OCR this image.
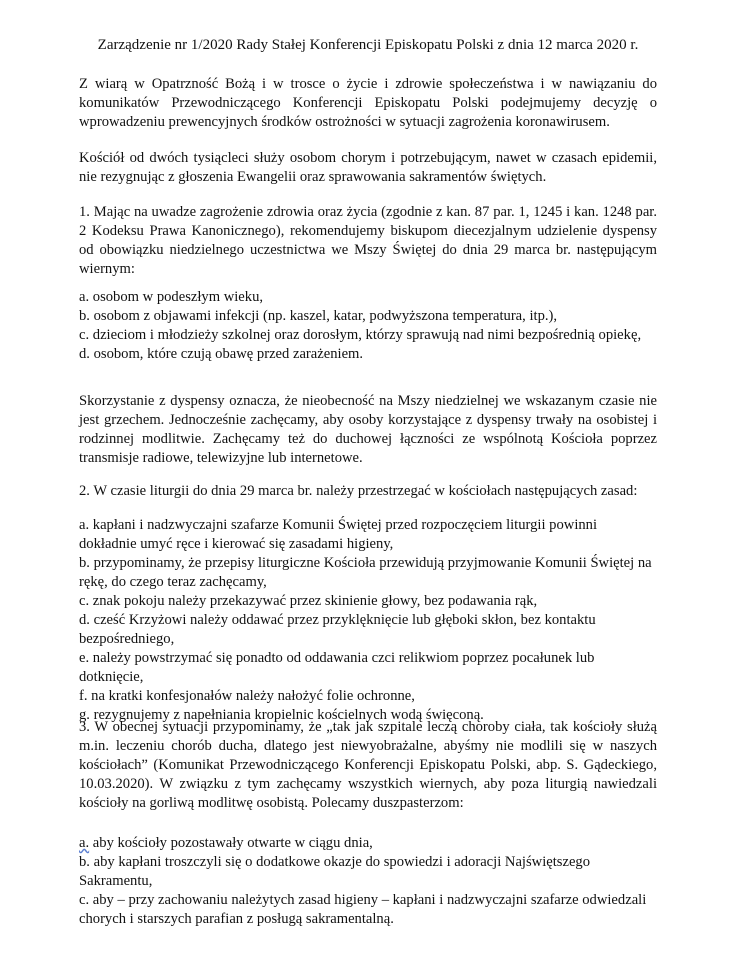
Zarządzenie nr 1/2020 Rady Stałej Konferencji Episkopatu Polski z dnia 12 marca 2020 r.
Z wiarą w Opatrzność Bożą i w trosce o życie i zdrowie społeczeństwa i w nawiązaniu do komunikatów Przewodniczącego Konferencji Episkopatu Polski podejmujemy decyzję o wprowadzeniu prewencyjnych środków ostrożności w sytuacji zagrożenia koronawirusem.
Kościół od dwóch tysiącleci służy osobom chorym i potrzebującym, nawet w czasach epidemii, nie rezygnując z głoszenia Ewangelii oraz sprawowania sakramentów świętych.
1. Mając na uwadze zagrożenie zdrowia oraz życia (zgodnie z kan. 87 par. 1, 1245 i kan. 1248 par. 2 Kodeksu Prawa Kanonicznego), rekomendujemy biskupom diecezjalnym udzielenie dyspensy od obowiązku niedzielnego uczestnictwa we Mszy Świętej do dnia 29 marca br. następującym wiernym:
a. osobom w podeszłym wieku,
b. osobom z objawami infekcji (np. kaszel, katar, podwyższona temperatura, itp.),
c. dzieciom i młodzieży szkolnej oraz dorosłym, którzy sprawują nad nimi bezpośrednią opiekę,
d. osobom, które czują obawę przed zarażeniem.
Skorzystanie z dyspensy oznacza, że nieobecność na Mszy niedzielnej we wskazanym czasie nie jest grzechem. Jednocześnie zachęcamy, aby osoby korzystające z dyspensy trwały na osobistej i rodzinnej modlitwie. Zachęcamy też do duchowej łączności ze wspólnotą Kościoła poprzez transmisje radiowe, telewizyjne lub internetowe.
2. W czasie liturgii do dnia 29 marca br. należy przestrzegać w kościołach następujących zasad:
a. kapłani i nadzwyczajni szafarze Komunii Świętej przed rozpoczęciem liturgii powinni dokładnie umyć ręce i kierować się zasadami higieny,
b. przypominamy, że przepisy liturgiczne Kościoła przewidują przyjmowanie Komunii Świętej na rękę, do czego teraz zachęcamy,
c. znak pokoju należy przekazywać przez skinienie głowy, bez podawania rąk,
d. cześć Krzyżowi należy oddawać przez przyklęknięcie lub głęboki skłon, bez kontaktu bezpośredniego,
e. należy powstrzymać się ponadto od oddawania czci relikwiom poprzez pocałunek lub dotknięcie,
f. na kratki konfesjonałów należy nałożyć folie ochronne,
g. rezygnujemy z napełniania kropielnic kościelnych wodą święconą.
3. W obecnej sytuacji przypominamy, że „tak jak szpitale leczą choroby ciała, tak kościoły służą m.in. leczeniu chorób ducha, dlatego jest niewyobrażalne, abyśmy nie modlili się w naszych kościołach” (Komunikat Przewodniczącego Konferencji Episkopatu Polski, abp. S. Gądeckiego, 10.03.2020). W związku z tym zachęcamy wszystkich wiernych, aby poza liturgią nawiedzali kościoły na gorliwą modlitwę osobistą. Polecamy duszpasterzom:
a. aby kościoły pozostawały otwarte w ciągu dnia,
b. aby kapłani troszczyli się o dodatkowe okazje do spowiedzi i adoracji Najświętszego Sakramentu,
c. aby – przy zachowaniu należytych zasad higieny – kapłani i nadzwyczajni szafarze odwiedzali chorych i starszych parafian z posługą sakramentalną.
